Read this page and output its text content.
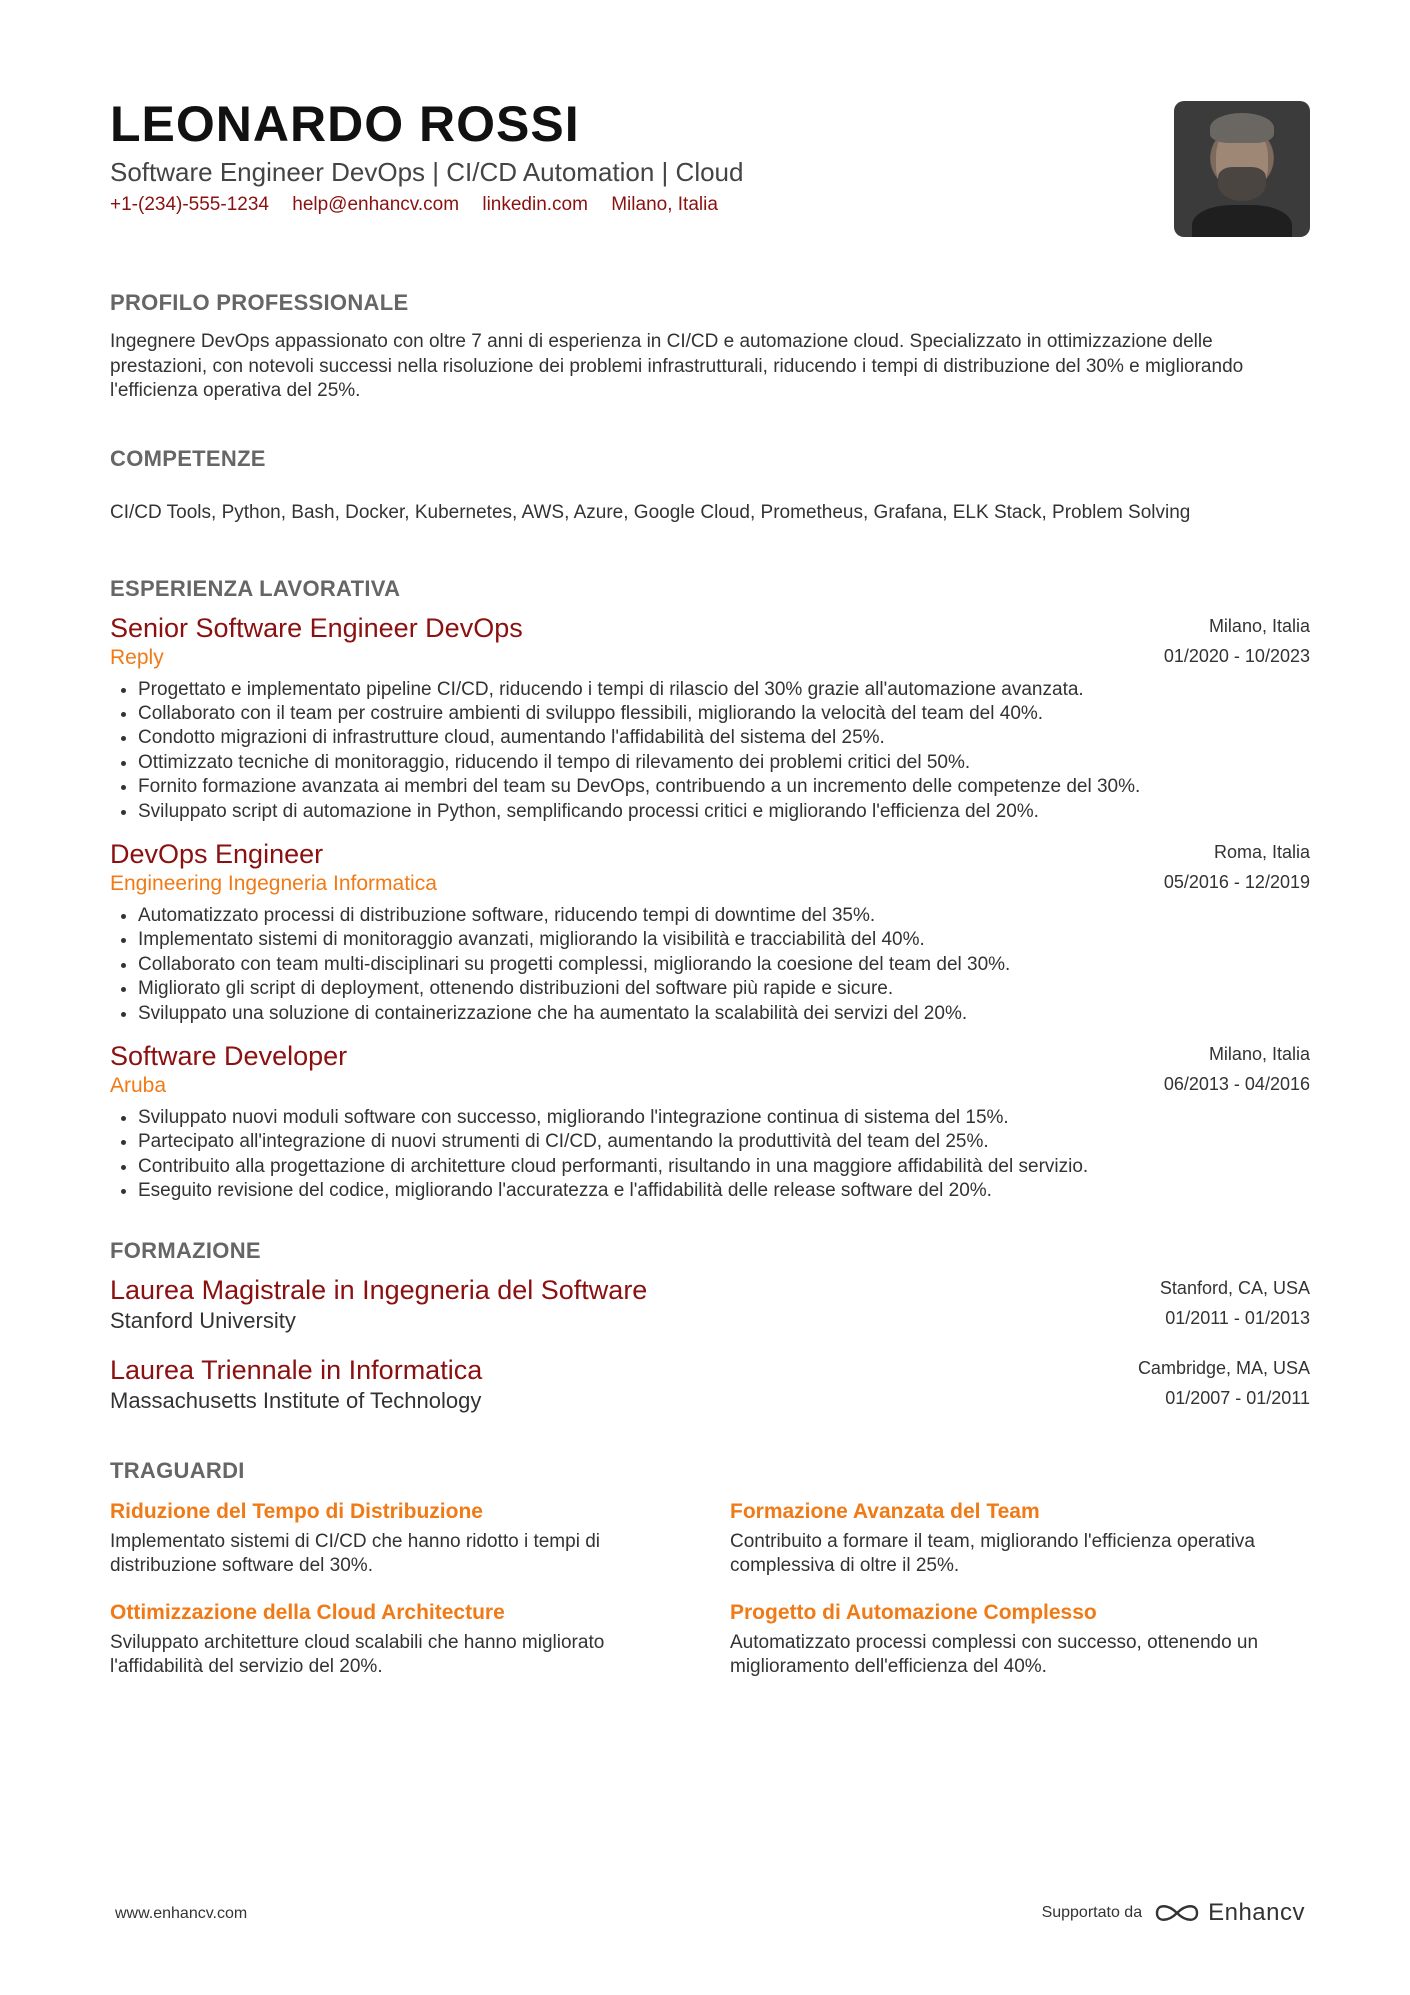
LEONARDO ROSSI
Software Engineer DevOps | CI/CD Automation | Cloud
+1-(234)-555-1234 help@enhancv.com linkedin.com Milano, Italia
PROFILO PROFESSIONALE
Ingegnere DevOps appassionato con oltre 7 anni di esperienza in CI/CD e automazione cloud. Specializzato in ottimizzazione delle prestazioni, con notevoli successi nella risoluzione dei problemi infrastrutturali, riducendo i tempi di distribuzione del 30% e migliorando l'efficienza operativa del 25%.
COMPETENZE
CI/CD Tools, Python, Bash, Docker, Kubernetes, AWS, Azure, Google Cloud, Prometheus, Grafana, ELK Stack, Problem Solving
ESPERIENZA LAVORATIVA
Senior Software Engineer DevOps
Reply
Milano, Italia
01/2020 - 10/2023
• Progettato e implementato pipeline CI/CD, riducendo i tempi di rilascio del 30% grazie all'automazione avanzata.
• Collaborato con il team per costruire ambienti di sviluppo flessibili, migliorando la velocità del team del 40%.
• Condotto migrazioni di infrastrutture cloud, aumentando l'affidabilità del sistema del 25%.
• Ottimizzato tecniche di monitoraggio, riducendo il tempo di rilevamento dei problemi critici del 50%.
• Fornito formazione avanzata ai membri del team su DevOps, contribuendo a un incremento delle competenze del 30%.
• Sviluppato script di automazione in Python, semplificando processi critici e migliorando l'efficienza del 20%.
DevOps Engineer
Engineering Ingegneria Informatica
Roma, Italia
05/2016 - 12/2019
• Automatizzato processi di distribuzione software, riducendo tempi di downtime del 35%.
• Implementato sistemi di monitoraggio avanzati, migliorando la visibilità e tracciabilità del 40%.
• Collaborato con team multi-disciplinari su progetti complessi, migliorando la coesione del team del 30%.
• Migliorato gli script di deployment, ottenendo distribuzioni del software più rapide e sicure.
• Sviluppato una soluzione di containerizzazione che ha aumentato la scalabilità dei servizi del 20%.
Software Developer
Aruba
Milano, Italia
06/2013 - 04/2016
• Sviluppato nuovi moduli software con successo, migliorando l'integrazione continua di sistema del 15%.
• Partecipato all'integrazione di nuovi strumenti di CI/CD, aumentando la produttività del team del 25%.
• Contribuito alla progettazione di architetture cloud performanti, risultando in una maggiore affidabilità del servizio.
• Eseguito revisione del codice, migliorando l'accuratezza e l'affidabilità delle release software del 20%.
FORMAZIONE
Laurea Magistrale in Ingegneria del Software
Stanford University
Stanford, CA, USA
01/2011 - 01/2013
Laurea Triennale in Informatica
Massachusetts Institute of Technology
Cambridge, MA, USA
01/2007 - 01/2011
TRAGUARDI
Riduzione del Tempo di Distribuzione
Implementato sistemi di CI/CD che hanno ridotto i tempi di distribuzione software del 30%.
Formazione Avanzata del Team
Contribuito a formare il team, migliorando l'efficienza operativa complessiva di oltre il 25%.
Ottimizzazione della Cloud Architecture
Sviluppato architetture cloud scalabili che hanno migliorato l'affidabilità del servizio del 20%.
Progetto di Automazione Complesso
Automatizzato processi complessi con successo, ottenendo un miglioramento dell'efficienza del 40%.
www.enhancv.com	Supportato da	Enhancv
